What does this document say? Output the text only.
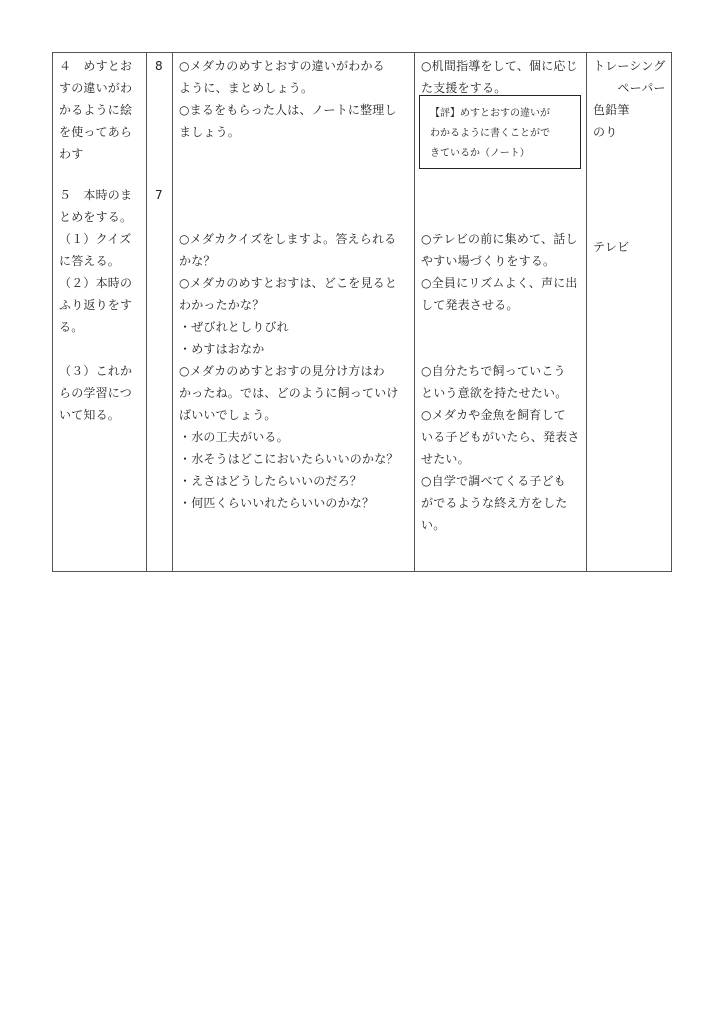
４　めすとお
すの違いがわ
かるように絵
を使ってあら
わす
５　本時のま
とめをする。
（１）クイズ
に答える。
（２）本時の
ふり返りをす
る。

（３）これか
らの学習につ
いて知る。
8
7
○メダカのめすとおすの違いがわかる
ように、まとめしょう。
○まるをもらった人は、ノートに整理し
ましょう。
○メダカクイズをしますよ。答えられる
かな？
○メダカのめすとおすは、どこを見ると
わかったかな？
・ぜびれとしりびれ
・めすはおなか
○メダカのめすとおすの見分け方はわ
かったね。では、どのように飼っていけ
ばいいでしょう。
・水の工夫がいる。
・水そうはどこにおいたらいいのかな？
・えさはどうしたらいいのだろ？
・何匹くらいいれたらいいのかな？
○机間指導をして、個に応じ
た支援をする。
【評】めすとおすの違いが
わかるように書くことがで
きているか（ノート）
○テレビの前に集めて、話し
やすい場づくりをする。
○全員にリズムよく、声に出
して発表させる。

○自分たちで飼っていこう
という意欲を持たせたい。
○メダカや金魚を飼育して
いる子どもがいたら、発表さ
せたい。
○自学で調べてくる子ども
がでるような終え方をした
い。
トレーシング
　　ペーパー
色鉛筆
のり
テレビ
